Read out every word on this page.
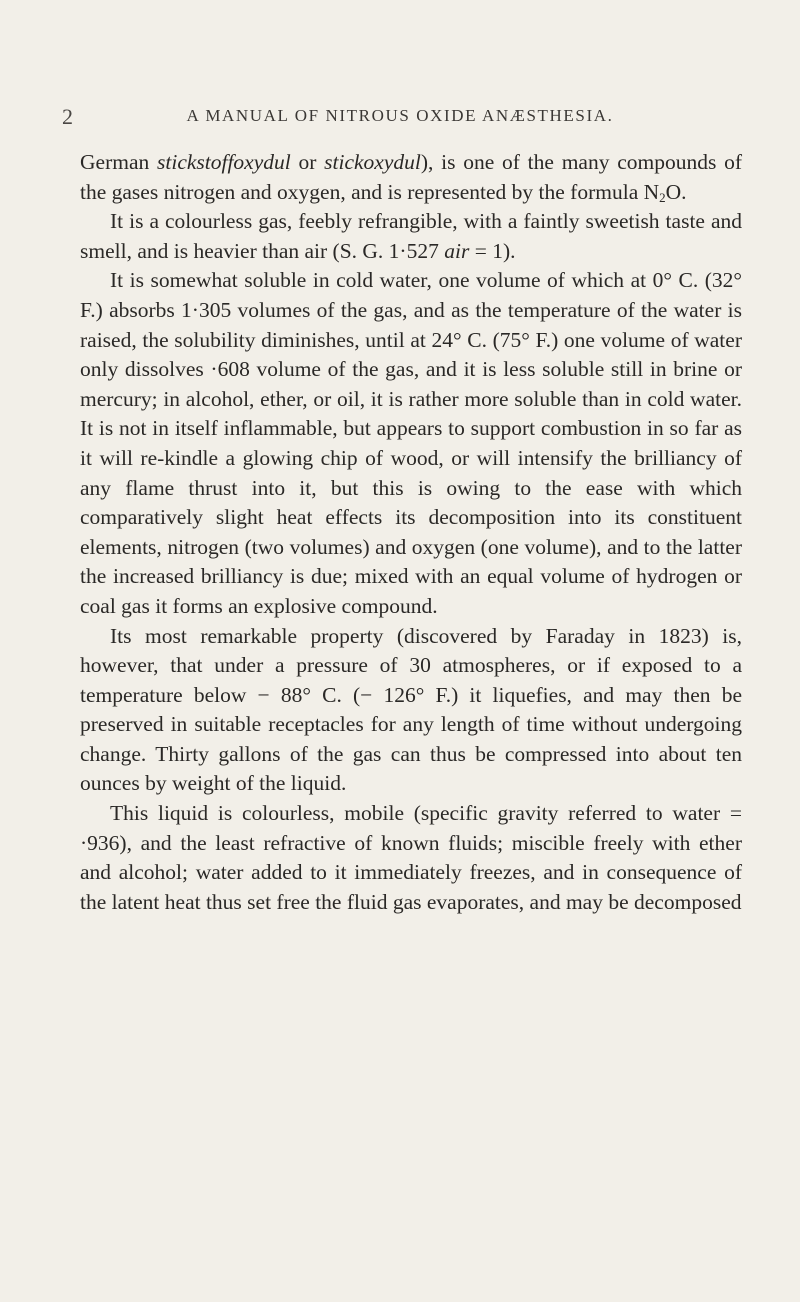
2	A MANUAL OF NITROUS OXIDE ANÆSTHESIA.

German stickstoffoxydul or stickoxydul), is one of the many compounds of the gases nitrogen and oxygen, and is represented by the formula $N_2O$.

It is a colourless gas, feebly refrangible, with a faintly sweetish taste and smell, and is heavier than air (S. G. 1·527 air = 1).

It is somewhat soluble in cold water, one volume of which at 0° C. (32° F.) absorbs 1·305 volumes of the gas, and as the temperature of the water is raised, the solubility diminishes, until at 24° C. (75° F.) one volume of water only dissolves ·608 volume of the gas, and it is less soluble still in brine or mercury; in alcohol, ether, or oil, it is rather more soluble than in cold water. It is not in itself inflammable, but appears to support combustion in so far as it will re-kindle a glowing chip of wood, or will intensify the brilliancy of any flame thrust into it, but this is owing to the ease with which comparatively slight heat effects its decomposition into its constituent elements, nitrogen (two volumes) and oxygen (one volume), and to the latter the increased brilliancy is due; mixed with an equal volume of hydrogen or coal gas it forms an explosive compound.

Its most remarkable property (discovered by Faraday in 1823) is, however, that under a pressure of 30 atmospheres, or if exposed to a temperature below − 88° C. (− 126° F.) it liquefies, and may then be preserved in suitable receptacles for any length of time without undergoing change. Thirty gallons of the gas can thus be compressed into about ten ounces by weight of the liquid.

This liquid is colourless, mobile (specific gravity referred to water = ·936), and the least refractive of known fluids; miscible freely with ether and alcohol; water added to it immediately freezes, and in consequence of the latent heat thus set free the fluid gas evaporates, and may be decomposed
